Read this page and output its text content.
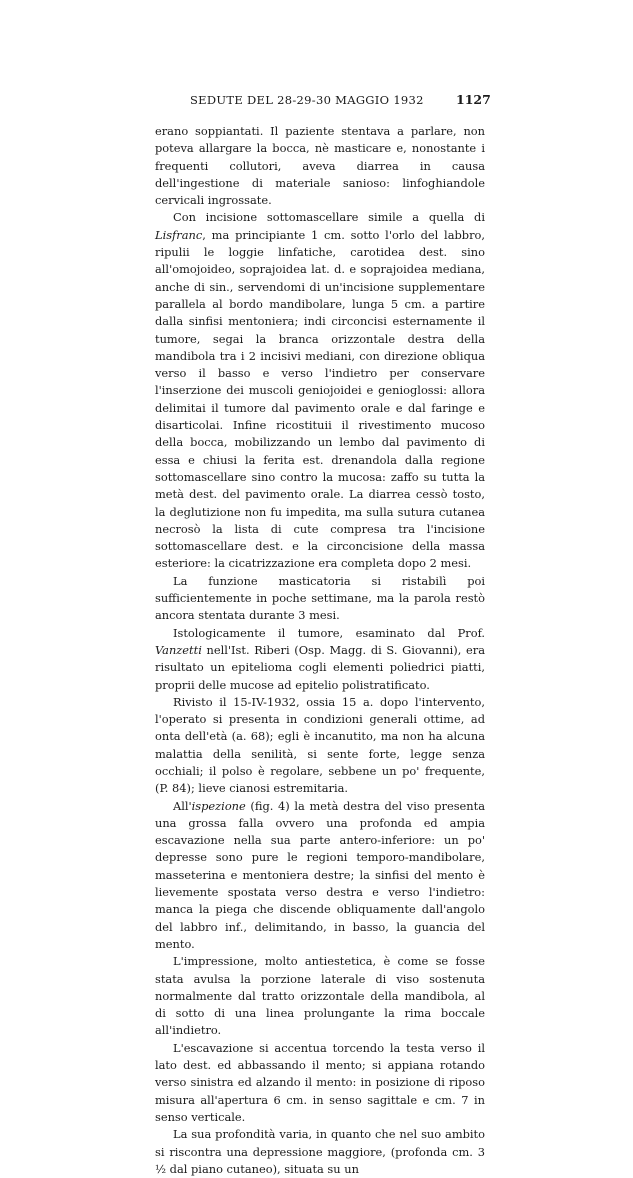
SEDUTE DEL 28-29-30 MAGGIO 1932	1127

erano soppiantati. Il paziente stentava a parlare, non poteva allargare la bocca, nè masticare e, nonostante i frequenti collutori, aveva diarrea in causa dell'ingestione di materiale sanioso: linfoghiandole cervicali ingrossate.

Con incisione sottomascellare simile a quella di Lisfranc, ma principiante 1 cm. sotto l'orlo del labbro, ripulii le loggie linfatiche, carotidea dest. sino all'omojoideo, soprajoidea lat. d. e soprajoidea mediana, anche di sin., servendomi di un'incisione supplementare parallela al bordo mandibolare, lunga 5 cm. a partire dalla sinfisi mentoniera; indi circoncisi esternamente il tumore, segai la branca orizzontale destra della mandibola tra i 2 incisivi mediani, con direzione obliqua verso il basso e verso l'indietro per conservare l'inserzione dei muscoli geniojoidei e genioglossi: allora delimitai il tumore dal pavimento orale e dal faringe e disarticolai. Infine ricostituii il rivestimento mucoso della bocca, mobilizzando un lembo dal pavimento di essa e chiusi la ferita est. drenandola dalla regione sottomascellare sino contro la mucosa: zaffo su tutta la metà dest. del pavimento orale. La diarrea cessò tosto, la deglutizione non fu impedita, ma sulla sutura cutanea necrosò la lista di cute compresa tra l'incisione sottomascellare dest. e la circoncisione della massa esteriore: la cicatrizzazione era completa dopo 2 mesi.

La funzione masticatoria si ristabilì poi sufficientemente in poche settimane, ma la parola restò ancora stentata durante 3 mesi.

Istologicamente il tumore, esaminato dal Prof. Vanzetti nell'Ist. Riberi (Osp. Magg. di S. Giovanni), era risultato un epitelioma cogli elementi poliedrici piatti, proprii delle mucose ad epitelio polistratificato.

Rivisto il 15-IV-1932, ossia 15 a. dopo l'intervento, l'operato si presenta in condizioni generali ottime, ad onta dell'età (a. 68); egli è incanutito, ma non ha alcuna malattia della senilità, si sente forte, legge senza occhiali; il polso è regolare, sebbene un po' frequente, (P. 84); lieve cianosi estremitaria.

All'ispezione (fig. 4) la metà destra del viso presenta una grossa falla ovvero una profonda ed ampia escavazione nella sua parte antero-inferiore: un po' depresse sono pure le regioni temporo-mandibolare, masseterina e mentoniera destre; la sinfisi del mento è lievemente spostata verso destra e verso l'indietro: manca la piega che discende obliquamente dall'angolo del labbro inf., delimitando, in basso, la guancia del mento.

L'impressione, molto antiestetica, è come se fosse stata avulsa la porzione laterale di viso sostenuta normalmente dal tratto orizzontale della mandibola, al di sotto di una linea prolungante la rima boccale all'indietro.

L'escavazione si accentua torcendo la testa verso il lato dest. ed abbassando il mento; si appiana rotando verso sinistra ed alzando il mento: in posizione di riposo misura all'apertura 6 cm. in senso sagittale e cm. 7 in senso verticale.

La sua profondità varia, in quanto che nel suo ambito si riscontra una depressione maggiore, (profonda cm. 3 ½ dal piano cutaneo), situata su un
